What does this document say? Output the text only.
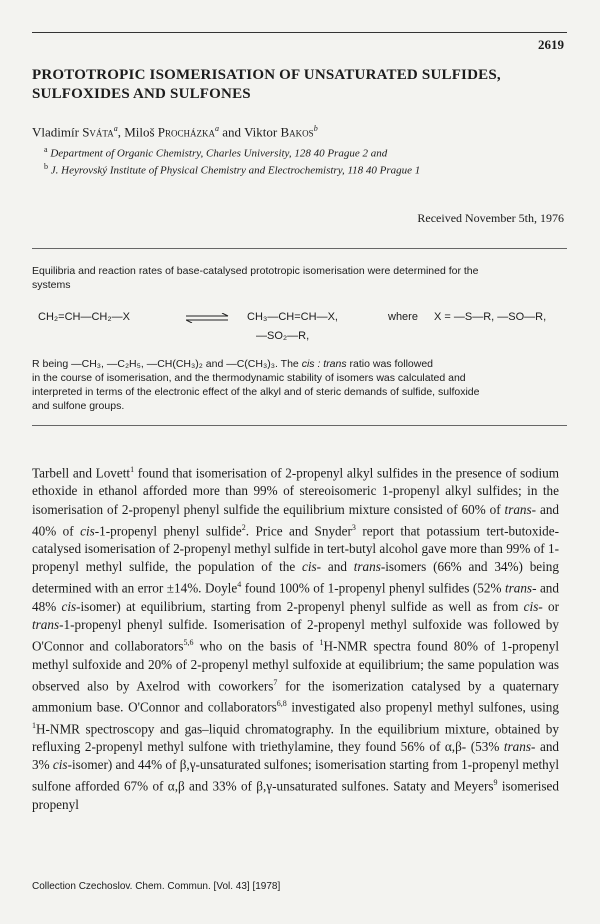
2619
PROTOTROPIC ISOMERISATION OF UNSATURATED SULFIDES,
SULFOXIDES AND SULFONES
Vladimír Sváta$^a$, Miloš Procházka$^a$ and Viktor Bakos$^b$
$^a$ Department of Organic Chemistry, Charles University, 128 40 Prague 2 and
$^b$ J. Heyrovský Institute of Physical Chemistry and Electrochemistry, 118 40 Prague 1
Received November 5th, 1976
Equilibria and reaction rates of base-catalysed prototropic isomerisation were determined for the
systems
CH₂=CH—CH₂—X	CH₃—CH=CH—X,	where X = —S—R, —SO—R,
—SO₂—R,
R being —CH₃, —C₂H₅, —CH(CH₃)₂ and —C(CH₃)₃. The cis : trans ratio was followed
in the course of isomerisation, and the thermodynamic stability of isomers was calculated and
interpreted in terms of the electronic effect of the alkyl and of steric demands of sulfide, sulfoxide
and sulfone groups.
Tarbell and Lovett$^1$ found that isomerisation of 2-propenyl alkyl sulfides in the presence of sodium ethoxide in ethanol afforded more than 99% of stereoisomeric 1-propenyl alkyl sulfides; in the isomerisation of 2-propenyl phenyl sulfide the equilibrium mixture consisted of 60% of trans- and 40% of cis-1-propenyl phenyl sulfide$^2$. Price and Snyder$^3$ report that potassium tert-butoxide-catalysed isomerisation of 2-propenyl methyl sulfide in tert-butyl alcohol gave more than 99% of 1-propenyl methyl sulfide, the population of the cis- and trans-isomers (66% and 34%) being determined with an error ±14%. Doyle$^4$ found 100% of 1-propenyl phenyl sulfides (52% trans- and 48% cis-isomer) at equilibrium, starting from 2-propenyl phenyl sulfide as well as from cis- or trans-1-propenyl phenyl sulfide. Isomerisation of 2-propenyl methyl sulfoxide was followed by O'Connor and collaborators$^{5,6}$ who on the basis of $^1$H-NMR spectra found 80% of 1-propenyl methyl sulfoxide and 20% of 2-propenyl methyl sulfoxide at equilibrium; the same population was observed also by Axelrod with coworkers$^7$ for the isomerization catalysed by a quaternary ammonium base. O'Connor and collaborators$^{6,8}$ investigated also propenyl methyl sulfones, using $^1$H-NMR spectroscopy and gas–liquid chromatography. In the equilibrium mixture, obtained by refluxing 2-propenyl methyl sulfone with triethylamine, they found 56% of α,β- (53% trans- and 3% cis-isomer) and 44% of β,γ-unsaturated sulfones; isomerisation starting from 1-propenyl methyl sulfone afforded 67% of α,β and 33% of β,γ-unsaturated sulfones. Sataty and Meyers$^9$ isomerised propenyl
Collection Czechoslov. Chem. Commun. [Vol. 43] [1978]
